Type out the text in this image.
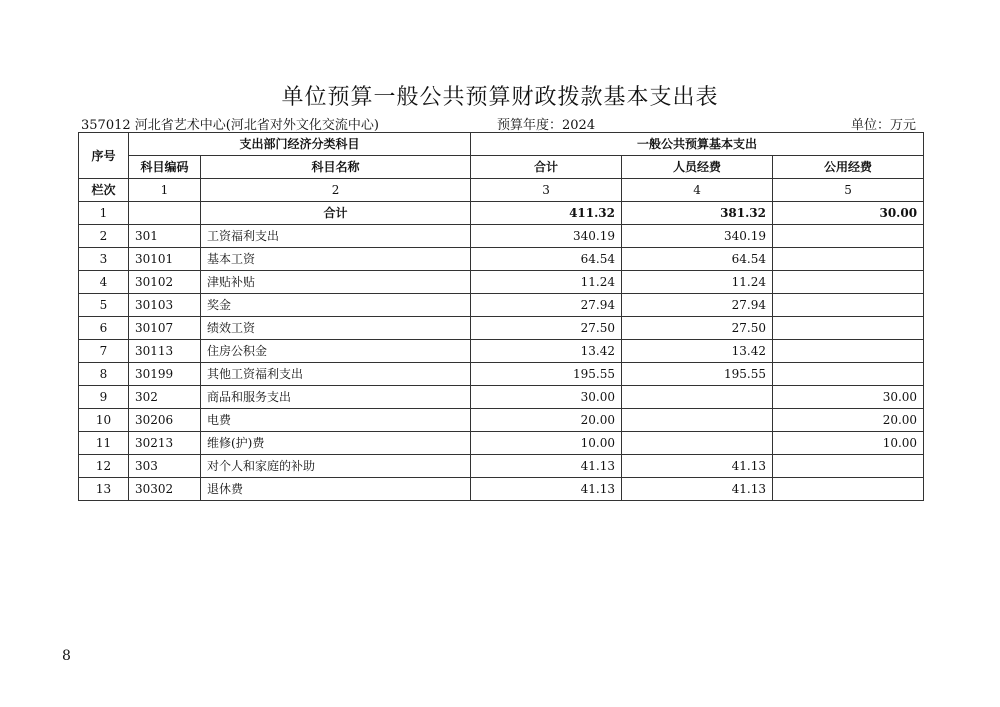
单位预算一般公共预算财政拨款基本支出表
357012 河北省艺术中心(河北省对外文化交流中心)	预算年度：2024	单位：万元
序号	支出部门经济分类科目		一般公共预算基本支出		
	科目编码	科目名称	合计	人员经费	公用经费
栏次	1	2	3	4	5
1		合计	411.32	381.32	30.00
2	301	工资福利支出	340.19	340.19	
3	30101	基本工资	64.54	64.54	
4	30102	津贴补贴	11.24	11.24	
5	30103	奖金	27.94	27.94	
6	30107	绩效工资	27.50	27.50	
7	30113	住房公积金	13.42	13.42	
8	30199	其他工资福利支出	195.55	195.55	
9	302	商品和服务支出	30.00		30.00
10	30206	电费	20.00		20.00
11	30213	维修(护)费	10.00		10.00
12	303	对个人和家庭的补助	41.13	41.13	
13	30302	退休费	41.13	41.13	
8
